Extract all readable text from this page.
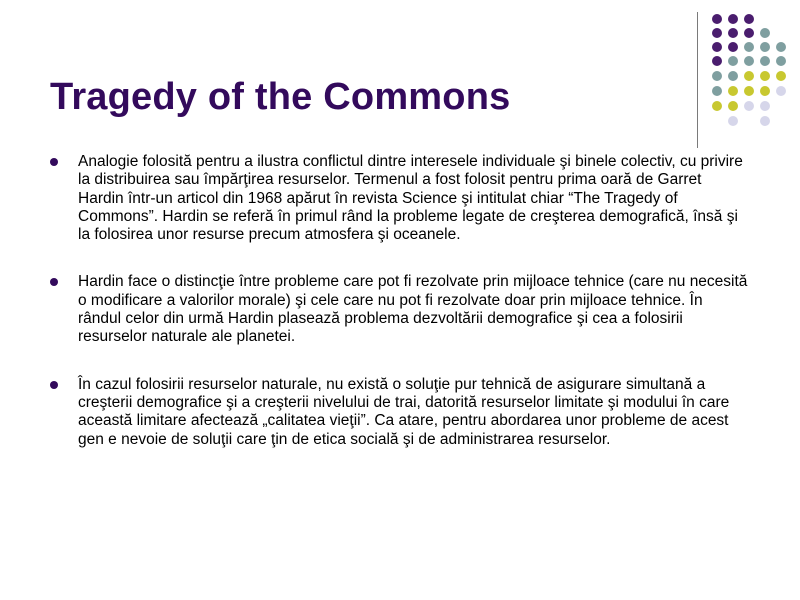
Tragedy of the Commons
Analogie folosită pentru a ilustra conflictul dintre interesele individuale şi binele colectiv, cu privire la distribuirea sau împărţirea resurselor. Termenul a fost folosit pentru prima oară de Garret Hardin într-un articol din 1968 apărut în revista Science şi intitulat chiar “The Tragedy of Commons”. Hardin se referă în primul rând la probleme legate de creşterea demografică, însă şi la folosirea unor resurse precum atmosfera şi oceanele.
Hardin face o distincţie între probleme care pot fi rezolvate prin mijloace tehnice (care nu necesită o modificare a valorilor morale) şi cele care nu pot fi rezolvate doar prin mijloace tehnice. În rândul celor din urmă Hardin plasează problema dezvoltării demografice şi cea a folosirii resurselor naturale ale planetei.
În cazul folosirii resurselor naturale, nu există o soluţie pur tehnică de asigurare simultană a creşterii demografice şi a creşterii nivelului de trai, datorită resurselor limitate şi modului în care această limitare afectează „calitatea vieţii”. Ca atare, pentru abordarea unor probleme de acest gen e nevoie de soluţii care ţin de etica socială şi de administrarea resurselor.
